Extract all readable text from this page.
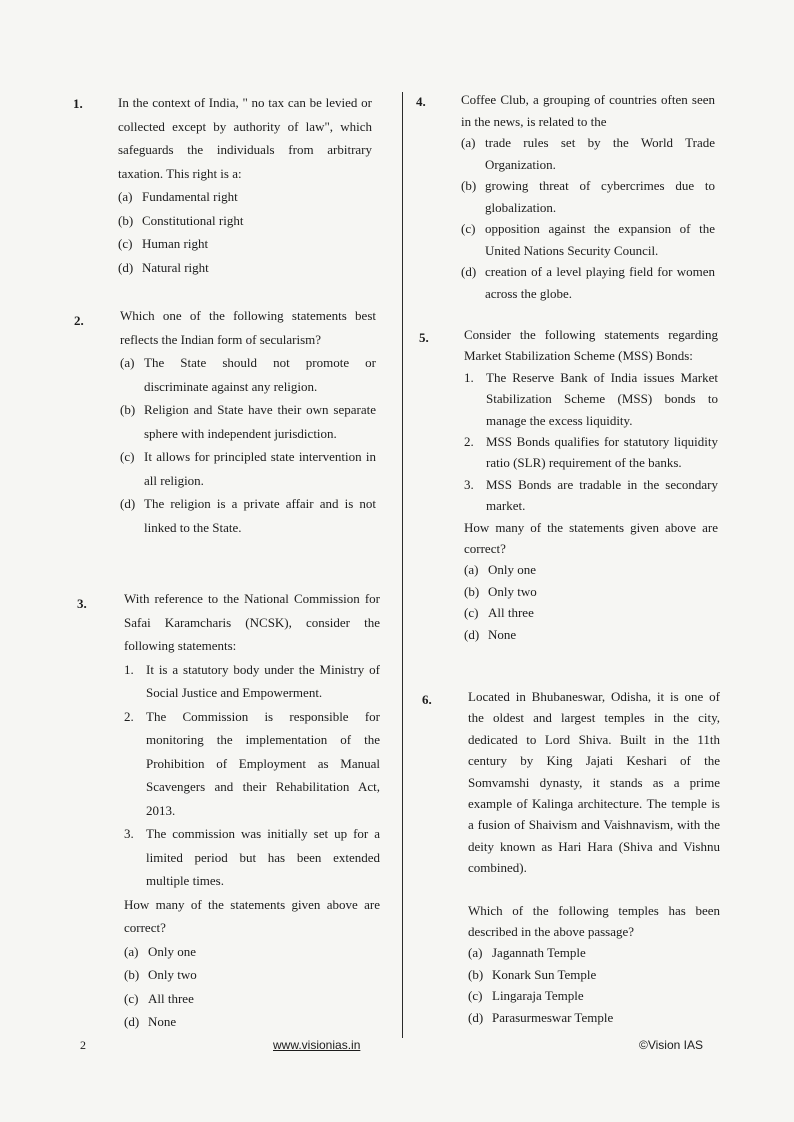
1.	In the context of India, " no tax can be levied or collected except by authority of law", which safeguards the individuals from arbitrary taxation. This right is a:
(a) Fundamental right
(b) Constitutional right
(c) Human right
(d) Natural right
2.	Which one of the following statements best reflects the Indian form of secularism?
(a) The State should not promote or discriminate against any religion.
(b) Religion and State have their own separate sphere with independent jurisdiction.
(c) It allows for principled state intervention in all religion.
(d) The religion is a private affair and is not linked to the State.
3.	With reference to the National Commission for Safai Karamcharis (NCSK), consider the following statements:
1. It is a statutory body under the Ministry of Social Justice and Empowerment.
2. The Commission is responsible for monitoring the implementation of the Prohibition of Employment as Manual Scavengers and their Rehabilitation Act, 2013.
3. The commission was initially set up for a limited period but has been extended multiple times.
How many of the statements given above are correct?
(a) Only one
(b) Only two
(c) All three
(d) None
4.	Coffee Club, a grouping of countries often seen in the news, is related to the
(a) trade rules set by the World Trade Organization.
(b) growing threat of cybercrimes due to globalization.
(c) opposition against the expansion of the United Nations Security Council.
(d) creation of a level playing field for women across the globe.
5.	Consider the following statements regarding Market Stabilization Scheme (MSS) Bonds:
1. The Reserve Bank of India issues Market Stabilization Scheme (MSS) bonds to manage the excess liquidity.
2. MSS Bonds qualifies for statutory liquidity ratio (SLR) requirement of the banks.
3. MSS Bonds are tradable in the secondary market.
How many of the statements given above are correct?
(a) Only one
(b) Only two
(c) All three
(d) None
6.	Located in Bhubaneswar, Odisha, it is one of the oldest and largest temples in the city, dedicated to Lord Shiva. Built in the 11th century by King Jajati Keshari of the Somvamshi dynasty, it stands as a prime example of Kalinga architecture. The temple is a fusion of Shaivism and Vaishnavism, with the deity known as Hari Hara (Shiva and Vishnu combined).
Which of the following temples has been described in the above passage?
(a) Jagannath Temple
(b) Konark Sun Temple
(c) Lingaraja Temple
(d) Parasurmeswar Temple
2	www.visionias.in	©Vision IAS
